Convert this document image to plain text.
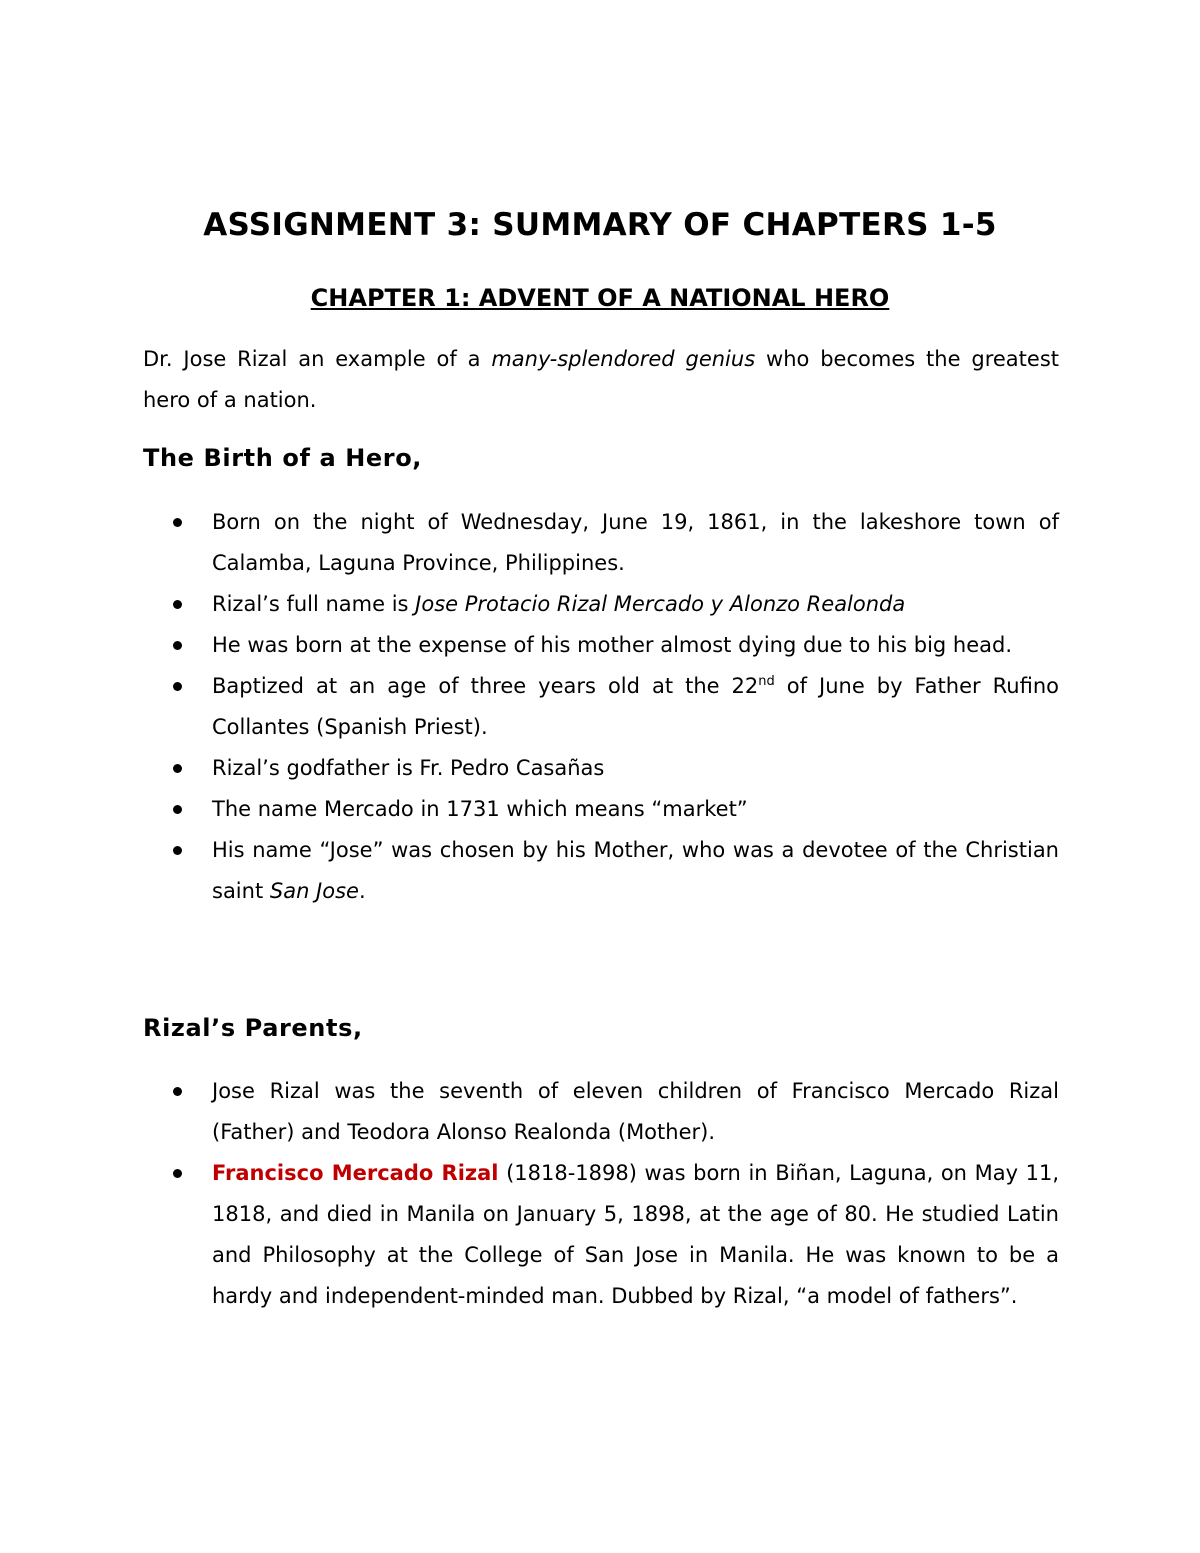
ASSIGNMENT 3: SUMMARY OF CHAPTERS 1-5
CHAPTER 1: ADVENT OF A NATIONAL HERO

Dr. Jose Rizal an example of a many-splendored genius who becomes the greatest hero of a nation.

The Birth of a Hero,
Born on the night of Wednesday, June 19, 1861, in the lakeshore town of Calamba, Laguna Province, Philippines.
Rizal’s full name is Jose Protacio Rizal Mercado y Alonzo Realonda
He was born at the expense of his mother almost dying due to his big head.
Baptized at an age of three years old at the 22nd of June by Father Rufino Collantes (Spanish Priest).
Rizal’s godfather is Fr. Pedro Casañas
The name Mercado in 1731 which means “market”
His name “Jose” was chosen by his Mother, who was a devotee of the Christian saint San Jose.
Rizal’s Parents,
Jose Rizal was the seventh of eleven children of Francisco Mercado Rizal (Father) and Teodora Alonso Realonda (Mother).
Francisco Mercado Rizal (1818-1898) was born in Biñan, Laguna, on May 11, 1818, and died in Manila on January 5, 1898, at the age of 80. He studied Latin and Philosophy at the College of San Jose in Manila. He was known to be a hardy and independent-minded man. Dubbed by Rizal, “a model of fathers”.
